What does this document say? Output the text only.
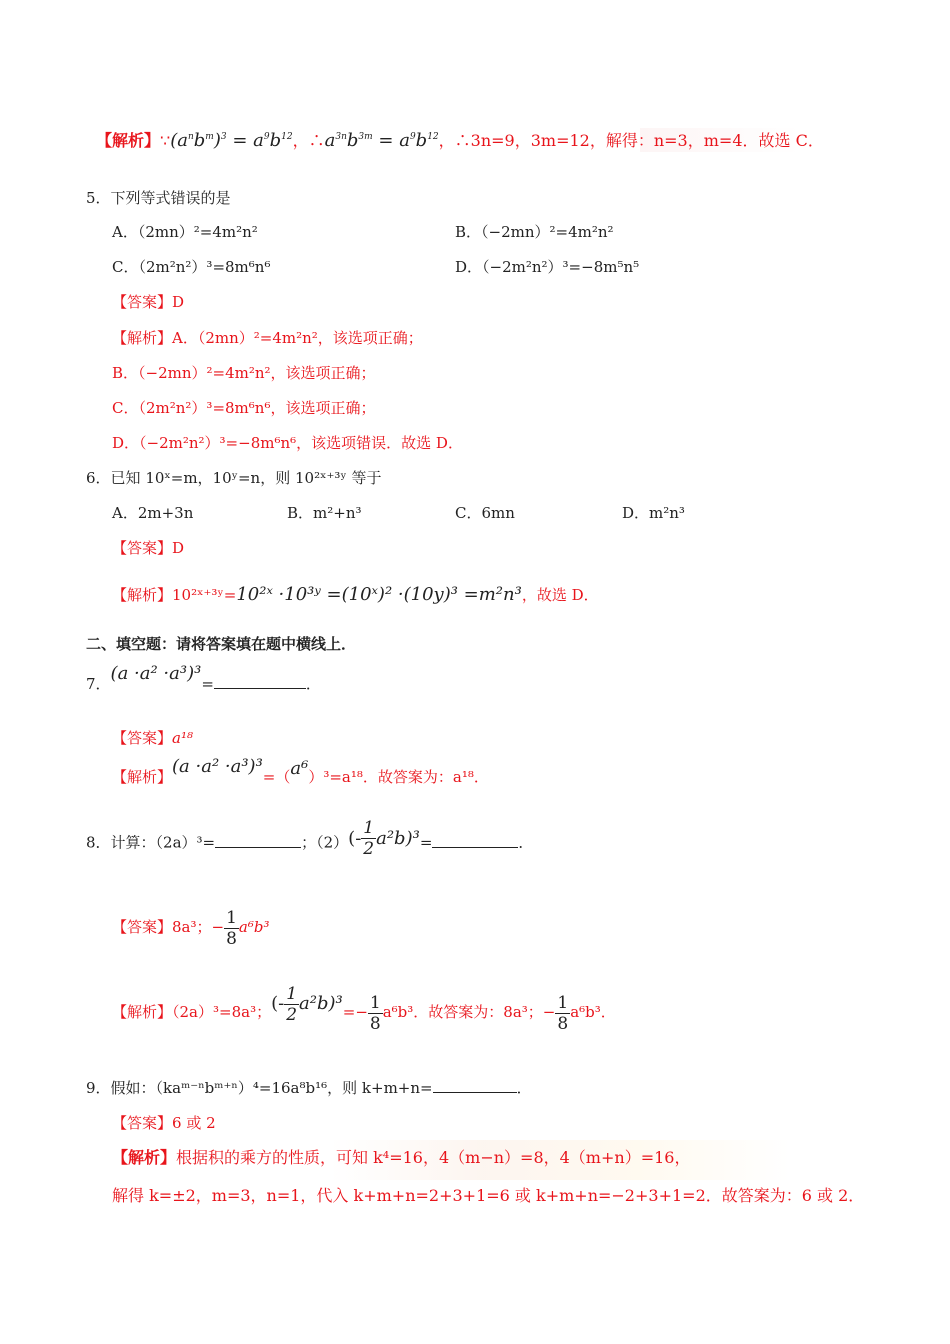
【解析】$\because(a^nb^m)^3 = a^9b^{12}$，$\therefore a^{3n}b^{3m} = a^9b^{12}$，∴3n=9，3m=12，解得：n=3，m=4．故选 C．
5．下列等式错误的是
A．（2mn）²=4m²n²	B．（−2mn）²=4m²n²
C．（2m²n²）³=8m⁶n⁶	D．（−2m²n²）³=−8m⁵n⁵
【答案】D
【解析】A．（2mn）²=4m²n²，该选项正确；
B．（−2mn）²=4m²n²，该选项正确；
C．（2m²n²）³=8m⁶n⁶，该选项正确；
D．（−2m²n²）³=−8m⁶n⁶，该选项错误．故选 D．
6．已知 10ˣ=m，10ʸ=n，则 10²ˣ⁺³ʸ 等于
A．2m+3n	B．m²+n³	C．6mn	D．m²n³
【答案】D
【解析】10²ˣ⁺³ʸ=10²ˣ ·10³ʸ =(10ˣ)² ·(10y)³ =m²n³，故选 D．
二、填空题：请将答案填在题中横线上．
7．(a ·a² ·a³)³=	．
【答案】a¹⁸
【解析】(a ·a² ·a³)³=（a⁶）³=a¹⁸．故答案为：a¹⁸．
8．计算：（2a）³=	；$(2)(- \frac{1}{2} a^2b)^3=$	．
【答案】8a³；− $\frac{1}{8} a^6b^3$
【解析】（2a）³=8a³；(- $\frac{1}{2} a^2b)^3=- \frac{1}{8} a^6b^3$．故答案为：8a³；− $\frac{1}{8} a^6b^3$．
9．假如：（kaᵐ⁻ⁿbᵐ⁺ⁿ）⁴=16a⁸b¹⁶，则 k+m+n=	．
【答案】6 或 2
【解析】根据积的乘方的性质，可知 k⁴=16，4（m−n）=8，4（m+n）=16，
解得 k=±2，m=3，n=1，代入 k+m+n=2+3+1=6 或 k+m+n=−2+3+1=2．故答案为：6 或 2．
